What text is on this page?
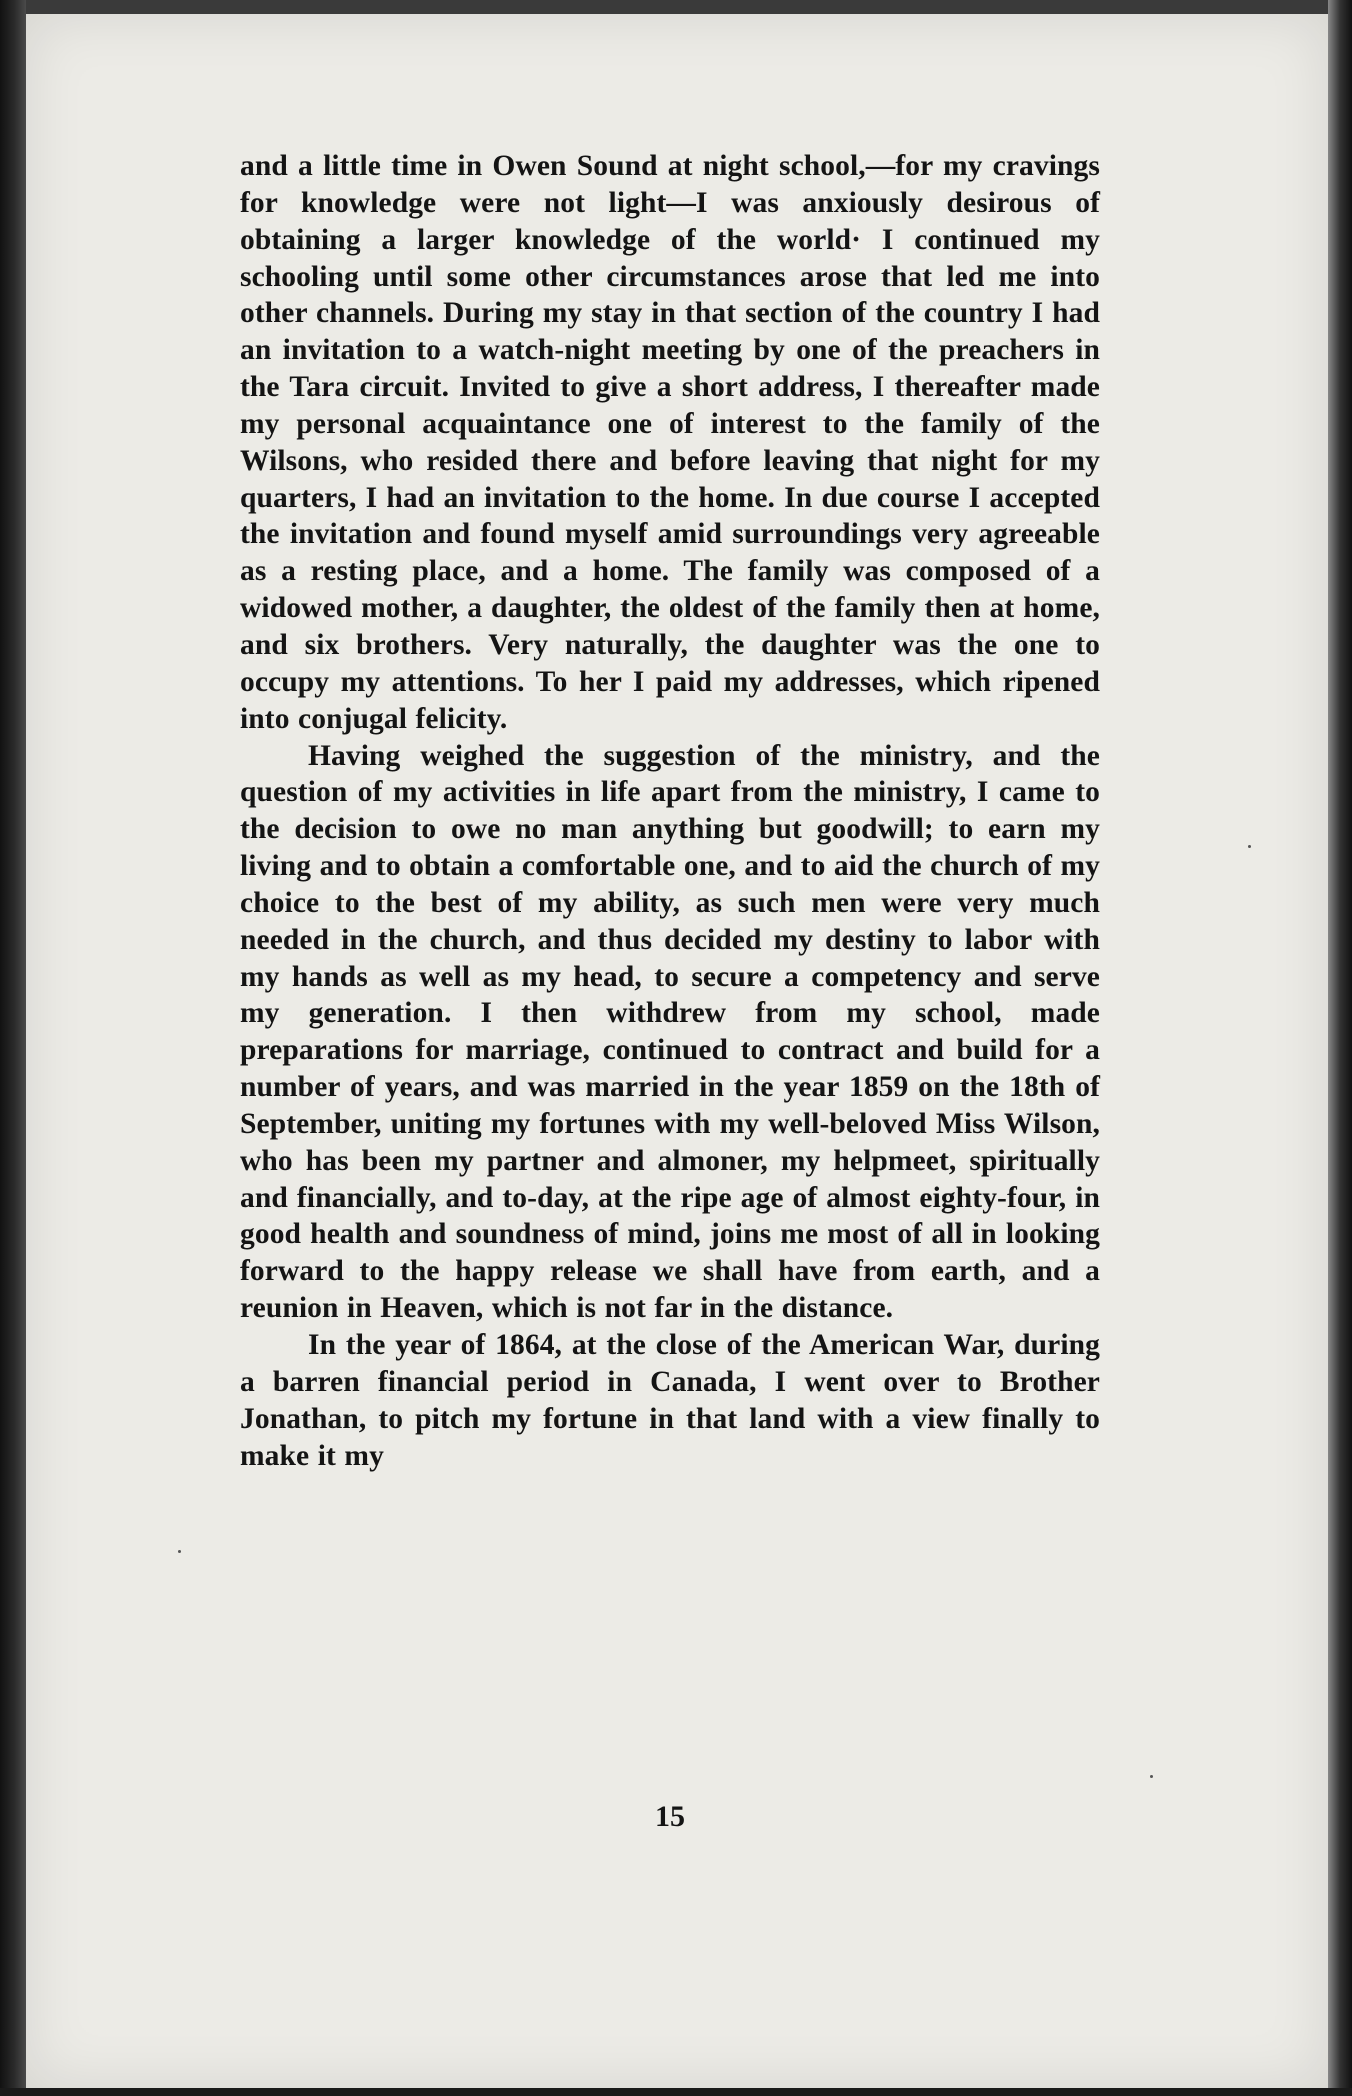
and a little time in Owen Sound at night school,—for my cravings for knowledge were not light—I was anxiously desirous of obtaining a larger knowledge of the world· I continued my schooling until some other circumstances arose that led me into other channels. During my stay in that section of the country I had an invitation to a watch-night meeting by one of the preachers in the Tara circuit. Invited to give a short address, I thereafter made my personal acquaintance one of interest to the family of the Wilsons, who resided there and before leaving that night for my quarters, I had an invitation to the home. In due course I accepted the invitation and found myself amid surroundings very agreeable as a resting place, and a home. The family was composed of a widowed mother, a daughter, the oldest of the family then at home, and six brothers. Very naturally, the daughter was the one to occupy my attentions. To her I paid my addresses, which ripened into conjugal felicity.

Having weighed the suggestion of the ministry, and the question of my activities in life apart from the ministry, I came to the decision to owe no man anything but goodwill; to earn my living and to obtain a comfortable one, and to aid the church of my choice to the best of my ability, as such men were very much needed in the church, and thus decided my destiny to labor with my hands as well as my head, to secure a competency and serve my generation. I then withdrew from my school, made preparations for marriage, continued to contract and build for a number of years, and was married in the year 1859 on the 18th of September, uniting my fortunes with my well-beloved Miss Wilson, who has been my partner and almoner, my helpmeet, spiritually and financially, and to-day, at the ripe age of almost eighty-four, in good health and soundness of mind, joins me most of all in looking forward to the happy release we shall have from earth, and a reunion in Heaven, which is not far in the distance.

In the year of 1864, at the close of the American War, during a barren financial period in Canada, I went over to Brother Jonathan, to pitch my fortune in that land with a view finally to make it my

15
